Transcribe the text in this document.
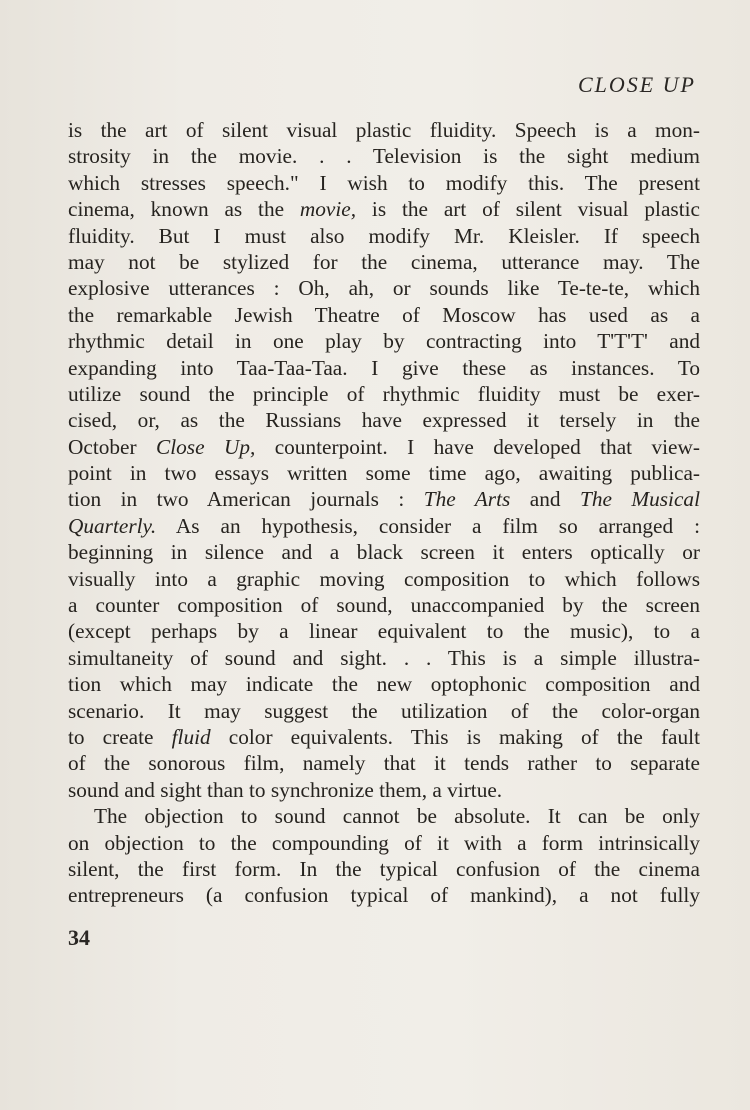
CLOSE UP
is the art of silent visual plastic fluidity. Speech is a mon-
strosity in the movie. . . Television is the sight medium
which stresses speech." I wish to modify this. The present
cinema, known as the movie, is the art of silent visual plastic
fluidity. But I must also modify Mr. Kleisler. If speech
may not be stylized for the cinema, utterance may. The
explosive utterances : Oh, ah, or sounds like Te-te-te, which
the remarkable Jewish Theatre of Moscow has used as a
rhythmic detail in one play by contracting into T'T'T' and
expanding into Taa-Taa-Taa. I give these as instances. To
utilize sound the principle of rhythmic fluidity must be exer-
cised, or, as the Russians have expressed it tersely in the
October Close Up, counterpoint. I have developed that view-
point in two essays written some time ago, awaiting publica-
tion in two American journals : The Arts and The Musical
Quarterly. As an hypothesis, consider a film so arranged :
beginning in silence and a black screen it enters optically or
visually into a graphic moving composition to which follows
a counter composition of sound, unaccompanied by the screen
(except perhaps by a linear equivalent to the music), to a
simultaneity of sound and sight. . . This is a simple illustra-
tion which may indicate the new optophonic composition and
scenario. It may suggest the utilization of the color-organ
to create fluid color equivalents. This is making of the fault
of the sonorous film, namely that it tends rather to separate
sound and sight than to synchronize them, a virtue.
The objection to sound cannot be absolute. It can be only
on objection to the compounding of it with a form intrinsically
silent, the first form. In the typical confusion of the cinema
entrepreneurs (a confusion typical of mankind), a not fully
34
